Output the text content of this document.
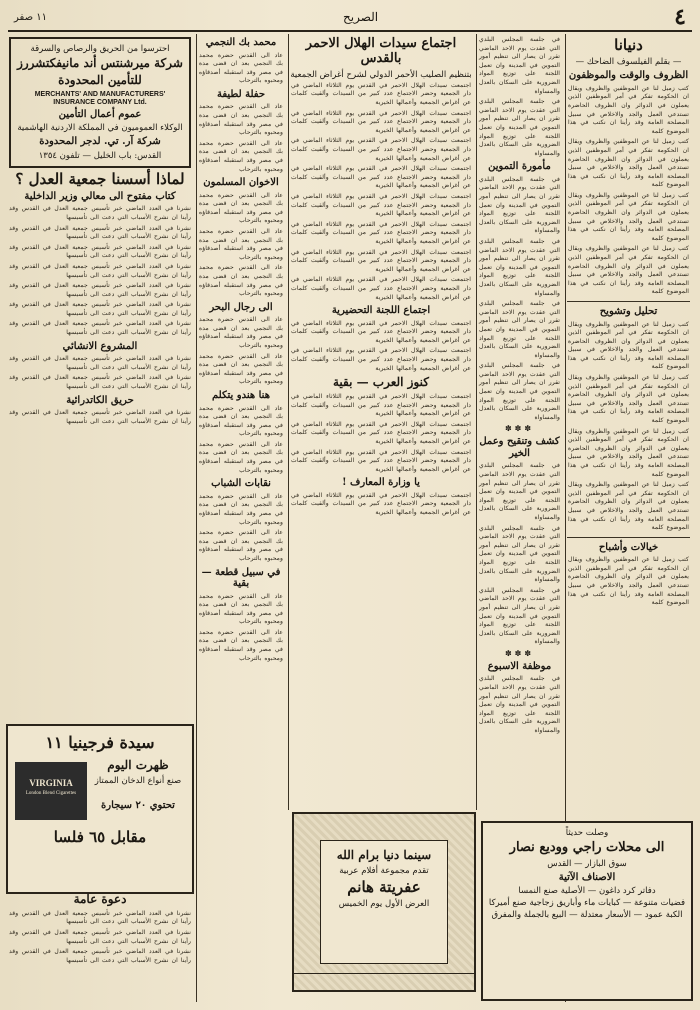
٤
الصريح
١١ صفر
دنيانا
— بقلم الفيلسوف الضاحك —
الظروف والوقت والموظفون

كتب زميل لنا عن الموظفين والظروف ويقال ان الحكومة تفكر في أمر الموظفين الذين يعملون في الدوائر وان الظروف الحاضرة تستدعي العمل والجد والاخلاص في سبيل المصلحة العامة وقد رأينا ان نكتب في هذا الموضوع كلمة

كتب زميل لنا عن الموظفين والظروف ويقال ان الحكومة تفكر في أمر الموظفين الذين يعملون في الدوائر وان الظروف الحاضرة تستدعي العمل والجد والاخلاص في سبيل المصلحة العامة وقد رأينا ان نكتب في هذا الموضوع كلمة

كتب زميل لنا عن الموظفين والظروف ويقال ان الحكومة تفكر في أمر الموظفين الذين يعملون في الدوائر وان الظروف الحاضرة تستدعي العمل والجد والاخلاص في سبيل المصلحة العامة وقد رأينا ان نكتب في هذا الموضوع كلمة

كتب زميل لنا عن الموظفين والظروف ويقال ان الحكومة تفكر في أمر الموظفين الذين يعملون في الدوائر وان الظروف الحاضرة تستدعي العمل والجد والاخلاص في سبيل المصلحة العامة وقد رأينا ان نكتب في هذا الموضوع كلمة

تحليل وتشويح

كتب زميل لنا عن الموظفين والظروف ويقال ان الحكومة تفكر في أمر الموظفين الذين يعملون في الدوائر وان الظروف الحاضرة تستدعي العمل والجد والاخلاص في سبيل المصلحة العامة وقد رأينا ان نكتب في هذا الموضوع كلمة

كتب زميل لنا عن الموظفين والظروف ويقال ان الحكومة تفكر في أمر الموظفين الذين يعملون في الدوائر وان الظروف الحاضرة تستدعي العمل والجد والاخلاص في سبيل المصلحة العامة وقد رأينا ان نكتب في هذا الموضوع كلمة

كتب زميل لنا عن الموظفين والظروف ويقال ان الحكومة تفكر في أمر الموظفين الذين يعملون في الدوائر وان الظروف الحاضرة تستدعي العمل والجد والاخلاص في سبيل المصلحة العامة وقد رأينا ان نكتب في هذا الموضوع كلمة

كتب زميل لنا عن الموظفين والظروف ويقال ان الحكومة تفكر في أمر الموظفين الذين يعملون في الدوائر وان الظروف الحاضرة تستدعي العمل والجد والاخلاص في سبيل المصلحة العامة وقد رأينا ان نكتب في هذا الموضوع كلمة

خيالات وأشباح

كتب زميل لنا عن الموظفين والظروف ويقال ان الحكومة تفكر في أمر الموظفين الذين يعملون في الدوائر وان الظروف الحاضرة تستدعي العمل والجد والاخلاص في سبيل المصلحة العامة وقد رأينا ان نكتب في هذا الموضوع كلمة

في جلسة المجلس البلدي التي عقدت يوم الاحد الماضي تقرر ان يصار الى تنظيم أمور التموين في المدينة وان تعمل اللجنة على توزيع المواد الضرورية على السكان بالعدل والمساواة

في جلسة المجلس البلدي التي عقدت يوم الاحد الماضي تقرر ان يصار الى تنظيم أمور التموين في المدينة وان تعمل اللجنة على توزيع المواد الضرورية على السكان بالعدل والمساواة

مأمورة التموين

في جلسة المجلس البلدي التي عقدت يوم الاحد الماضي تقرر ان يصار الى تنظيم أمور التموين في المدينة وان تعمل اللجنة على توزيع المواد الضرورية على السكان بالعدل والمساواة

في جلسة المجلس البلدي التي عقدت يوم الاحد الماضي تقرر ان يصار الى تنظيم أمور التموين في المدينة وان تعمل اللجنة على توزيع المواد الضرورية على السكان بالعدل والمساواة

في جلسة المجلس البلدي التي عقدت يوم الاحد الماضي تقرر ان يصار الى تنظيم أمور التموين في المدينة وان تعمل اللجنة على توزيع المواد الضرورية على السكان بالعدل والمساواة

في جلسة المجلس البلدي التي عقدت يوم الاحد الماضي تقرر ان يصار الى تنظيم أمور التموين في المدينة وان تعمل اللجنة على توزيع المواد الضرورية على السكان بالعدل والمساواة

✽✽✽
كشف وتنقيح وعمل الخير

في جلسة المجلس البلدي التي عقدت يوم الاحد الماضي تقرر ان يصار الى تنظيم أمور التموين في المدينة وان تعمل اللجنة على توزيع المواد الضرورية على السكان بالعدل والمساواة

في جلسة المجلس البلدي التي عقدت يوم الاحد الماضي تقرر ان يصار الى تنظيم أمور التموين في المدينة وان تعمل اللجنة على توزيع المواد الضرورية على السكان بالعدل والمساواة

في جلسة المجلس البلدي التي عقدت يوم الاحد الماضي تقرر ان يصار الى تنظيم أمور التموين في المدينة وان تعمل اللجنة على توزيع المواد الضرورية على السكان بالعدل والمساواة

✽✽✽
موظفة الاسبوع

في جلسة المجلس البلدي التي عقدت يوم الاحد الماضي تقرر ان يصار الى تنظيم أمور التموين في المدينة وان تعمل اللجنة على توزيع المواد الضرورية على السكان بالعدل والمساواة

وصلت حديثاً
الى محلات راجي ووديع نصار
سوق البازار — القدس
الاصناف الآتية
دفاتر كرد داغون — الأصلية صنع النمسا
فضيات متنوعة — كبايات ماء وأباريق زجاجية صنع أميركا
الكبة عمود — الأسعار معتدلة — البيع بالجملة والمفرق
اجتماع سيدات الهلال الاحمر بالقدس
بتنظيم الصليب الأحمر الدولي لشرح أغراض الجمعية

اجتمعت سيدات الهلال الاحمر في القدس يوم الثلاثاء الماضي في دار الجمعية وحضر الاجتماع عدد كبير من السيدات وألقيت كلمات عن أغراض الجمعية وأعمالها الخيرية

اجتمعت سيدات الهلال الاحمر في القدس يوم الثلاثاء الماضي في دار الجمعية وحضر الاجتماع عدد كبير من السيدات وألقيت كلمات عن أغراض الجمعية وأعمالها الخيرية

اجتمعت سيدات الهلال الاحمر في القدس يوم الثلاثاء الماضي في دار الجمعية وحضر الاجتماع عدد كبير من السيدات وألقيت كلمات عن أغراض الجمعية وأعمالها الخيرية

اجتمعت سيدات الهلال الاحمر في القدس يوم الثلاثاء الماضي في دار الجمعية وحضر الاجتماع عدد كبير من السيدات وألقيت كلمات عن أغراض الجمعية وأعمالها الخيرية

اجتمعت سيدات الهلال الاحمر في القدس يوم الثلاثاء الماضي في دار الجمعية وحضر الاجتماع عدد كبير من السيدات وألقيت كلمات عن أغراض الجمعية وأعمالها الخيرية

اجتمعت سيدات الهلال الاحمر في القدس يوم الثلاثاء الماضي في دار الجمعية وحضر الاجتماع عدد كبير من السيدات وألقيت كلمات عن أغراض الجمعية وأعمالها الخيرية

اجتمعت سيدات الهلال الاحمر في القدس يوم الثلاثاء الماضي في دار الجمعية وحضر الاجتماع عدد كبير من السيدات وألقيت كلمات عن أغراض الجمعية وأعمالها الخيرية

اجتمعت سيدات الهلال الاحمر في القدس يوم الثلاثاء الماضي في دار الجمعية وحضر الاجتماع عدد كبير من السيدات وألقيت كلمات عن أغراض الجمعية وأعمالها الخيرية

اجتماع اللجنة التحضيرية

اجتمعت سيدات الهلال الاحمر في القدس يوم الثلاثاء الماضي في دار الجمعية وحضر الاجتماع عدد كبير من السيدات وألقيت كلمات عن أغراض الجمعية وأعمالها الخيرية

اجتمعت سيدات الهلال الاحمر في القدس يوم الثلاثاء الماضي في دار الجمعية وحضر الاجتماع عدد كبير من السيدات وألقيت كلمات عن أغراض الجمعية وأعمالها الخيرية

كنوز العرب — بقية

اجتمعت سيدات الهلال الاحمر في القدس يوم الثلاثاء الماضي في دار الجمعية وحضر الاجتماع عدد كبير من السيدات وألقيت كلمات عن أغراض الجمعية وأعمالها الخيرية

اجتمعت سيدات الهلال الاحمر في القدس يوم الثلاثاء الماضي في دار الجمعية وحضر الاجتماع عدد كبير من السيدات وألقيت كلمات عن أغراض الجمعية وأعمالها الخيرية

اجتمعت سيدات الهلال الاحمر في القدس يوم الثلاثاء الماضي في دار الجمعية وحضر الاجتماع عدد كبير من السيدات وألقيت كلمات عن أغراض الجمعية وأعمالها الخيرية

يا وزارة المعارف !

اجتمعت سيدات الهلال الاحمر في القدس يوم الثلاثاء الماضي في دار الجمعية وحضر الاجتماع عدد كبير من السيدات وألقيت كلمات عن أغراض الجمعية وأعمالها الخيرية

سينما دنيا برام الله
تقدم مجموعة أفلام عربية
عفريتة هانم
العرض الأول يوم الخميس
محمد بك النجمي

عاد الى القدس حضرة محمد بك النجمي بعد ان قضى مدة في مصر وقد استقبله أصدقاؤه ومحبوه بالترحاب

حفلة لطيفة

عاد الى القدس حضرة محمد بك النجمي بعد ان قضى مدة في مصر وقد استقبله أصدقاؤه ومحبوه بالترحاب

عاد الى القدس حضرة محمد بك النجمي بعد ان قضى مدة في مصر وقد استقبله أصدقاؤه ومحبوه بالترحاب

الاخوان المسلمون

عاد الى القدس حضرة محمد بك النجمي بعد ان قضى مدة في مصر وقد استقبله أصدقاؤه ومحبوه بالترحاب

عاد الى القدس حضرة محمد بك النجمي بعد ان قضى مدة في مصر وقد استقبله أصدقاؤه ومحبوه بالترحاب

عاد الى القدس حضرة محمد بك النجمي بعد ان قضى مدة في مصر وقد استقبله أصدقاؤه ومحبوه بالترحاب

الى رجال البحر

عاد الى القدس حضرة محمد بك النجمي بعد ان قضى مدة في مصر وقد استقبله أصدقاؤه ومحبوه بالترحاب

عاد الى القدس حضرة محمد بك النجمي بعد ان قضى مدة في مصر وقد استقبله أصدقاؤه ومحبوه بالترحاب

هنا هندو يتكلم

عاد الى القدس حضرة محمد بك النجمي بعد ان قضى مدة في مصر وقد استقبله أصدقاؤه ومحبوه بالترحاب

عاد الى القدس حضرة محمد بك النجمي بعد ان قضى مدة في مصر وقد استقبله أصدقاؤه ومحبوه بالترحاب

نقابات الشباب

عاد الى القدس حضرة محمد بك النجمي بعد ان قضى مدة في مصر وقد استقبله أصدقاؤه ومحبوه بالترحاب

عاد الى القدس حضرة محمد بك النجمي بعد ان قضى مدة في مصر وقد استقبله أصدقاؤه ومحبوه بالترحاب

في سبيل قطعة — بقية

عاد الى القدس حضرة محمد بك النجمي بعد ان قضى مدة في مصر وقد استقبله أصدقاؤه ومحبوه بالترحاب

عاد الى القدس حضرة محمد بك النجمي بعد ان قضى مدة في مصر وقد استقبله أصدقاؤه ومحبوه بالترحاب

احترسوا من الحريق والرصاص والسرقة
شركة ميرشنتس أند مانيفكتشررز
للتأمين المحدودة
MERCHANTS' AND MANUFACTURERS'
INSURANCE COMPANY Ltd.
عموم أعمال التأمين
الوكلاء العموميون في المملكة الاردنية الهاشمية
شركة آر. تي. لدجر المحدودة
القدس: باب الخليل — تلفون ١٣٥٤
لماذا أسسنا جمعية العدل ؟
كتاب مفتوح الى معالي وزير الداخلية

نشرنا في العدد الماضي خبر تأسيس جمعية العدل في القدس وقد رأينا ان نشرح الأسباب التي دعت الى تأسيسها

نشرنا في العدد الماضي خبر تأسيس جمعية العدل في القدس وقد رأينا ان نشرح الأسباب التي دعت الى تأسيسها

نشرنا في العدد الماضي خبر تأسيس جمعية العدل في القدس وقد رأينا ان نشرح الأسباب التي دعت الى تأسيسها

نشرنا في العدد الماضي خبر تأسيس جمعية العدل في القدس وقد رأينا ان نشرح الأسباب التي دعت الى تأسيسها

نشرنا في العدد الماضي خبر تأسيس جمعية العدل في القدس وقد رأينا ان نشرح الأسباب التي دعت الى تأسيسها

نشرنا في العدد الماضي خبر تأسيس جمعية العدل في القدس وقد رأينا ان نشرح الأسباب التي دعت الى تأسيسها

نشرنا في العدد الماضي خبر تأسيس جمعية العدل في القدس وقد رأينا ان نشرح الأسباب التي دعت الى تأسيسها

المشروع الانشائي

نشرنا في العدد الماضي خبر تأسيس جمعية العدل في القدس وقد رأينا ان نشرح الأسباب التي دعت الى تأسيسها

نشرنا في العدد الماضي خبر تأسيس جمعية العدل في القدس وقد رأينا ان نشرح الأسباب التي دعت الى تأسيسها

حريق الكاتدرائية

نشرنا في العدد الماضي خبر تأسيس جمعية العدل في القدس وقد رأينا ان نشرح الأسباب التي دعت الى تأسيسها

سيدة فرجينيا ١١
ظهرت اليوم
صنع أنواع الدخان الممتاز
تحتوي ٢٠ سيجارة
VIRGINIA
London Blend Cigarettes
مقابل ٦٥ فلسا
دعوة عامة

نشرنا في العدد الماضي خبر تأسيس جمعية العدل في القدس وقد رأينا ان نشرح الأسباب التي دعت الى تأسيسها

نشرنا في العدد الماضي خبر تأسيس جمعية العدل في القدس وقد رأينا ان نشرح الأسباب التي دعت الى تأسيسها

نشرنا في العدد الماضي خبر تأسيس جمعية العدل في القدس وقد رأينا ان نشرح الأسباب التي دعت الى تأسيسها
